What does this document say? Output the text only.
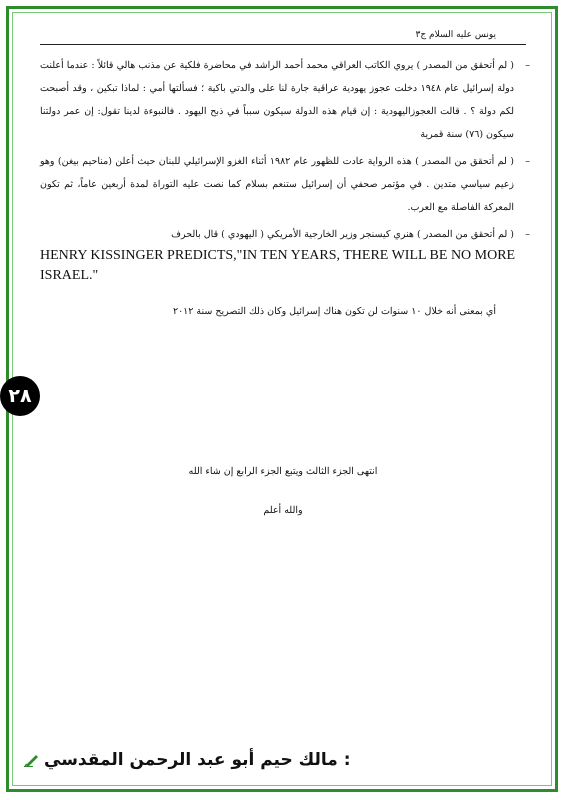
يونس عليه السلام ج٣

–
( لم أتحقق من المصدر ) يروي الكاتب العراقي محمد أحمد الراشد في محاضرة فلكية عن مذنب هالي قائلاً : عندما أعلنت دولة إسرائيل عام ١٩٤٨ دخلت عجوز يهودية عراقية جارة لنا على والدتي باكية ؛ فسألتها أمي : لماذا تبكين ، وقد أصبحت لكم دولة ؟ . قالت العجوزاليهودية : إن قيام هذه الدولة سيكون سبباً في ذبح اليهود . فالنبوءة لدينا تقول: إن عمر دولتنا سيكون (٧٦) سنة قمرية

–
( لم أتحقق من المصدر ) هذه الرواية عادت للظهور عام ١٩٨٢ أثناء الغزو الإسرائيلي للبنان حيث أعلن (مناحيم بيغن) وهو زعيم سياسي متدين . في مؤتمر صحفي أن إسرائيل ستنعم بسلام كما نصت عليه التوراة لمدة أربعين عاماً، ثم تكون المعركة الفاصلة مع العرب.

–
( لم أتحقق من المصدر ) هنري كيسنجر وزير الخارجية الأمريكي ( اليهودي ) قال بالحرف

HENRY KISSINGER PREDICTS,"IN TEN YEARS, THERE WILL BE NO MORE ISRAEL."

أي بمعنى أنه خلال ١٠ سنوات لن تكون هناك إسرائيل وكان ذلك التصريح سنة ٢٠١٢

٢٨
انتهى الجزء الثالث ويتبع الجزء الرابع إن شاء الله
والله أعلم
: مالك حيم أبو عبد الرحمن المقدسي
